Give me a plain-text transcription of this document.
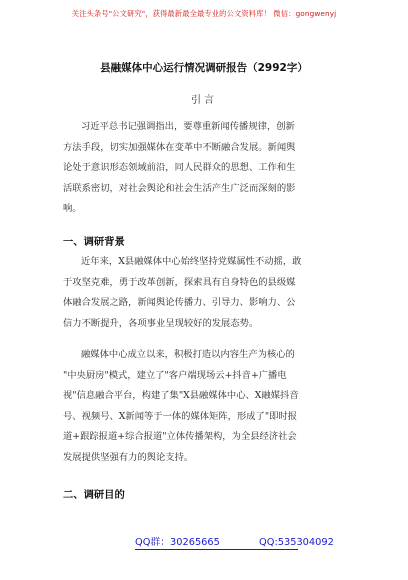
关注头条号"公文研究"，获得最新最全最专业的公文资料库！ 微信：gongwenyj
县融媒体中心运行情况调研报告（2992字）
引言
习近平总书记强调指出，要尊重新闻传播规律，创新
方法手段，切实加强媒体在变革中不断融合发展。新闻舆
论处于意识形态领域前沿，同人民群众的思想、工作和生
活联系密切，对社会舆论和社会生活产生广泛而深刻的影
响。
一、调研背景
近年来，X县融媒体中心始终坚持党媒属性不动摇，敢
于攻坚克难，勇于改革创新，探索具有自身特色的县级媒
体融合发展之路，新闻舆论传播力、引导力、影响力、公
信力不断提升，各项事业呈现较好的发展态势。
融媒体中心成立以来，积极打造以内容生产为核心的
"中央厨房"模式，建立了"客户端现场云+抖音+广播电
视"信息融合平台，构建了集"X县融媒体中心、X融媒抖音
号、视频号、X新闻等于一体的媒体矩阵，形成了"即时报
道+跟踪报道+综合报道"立体传播架构，为全县经济社会
发展提供坚强有力的舆论支持。
二、调研目的
QQ群：30265665	QQ:535304092
